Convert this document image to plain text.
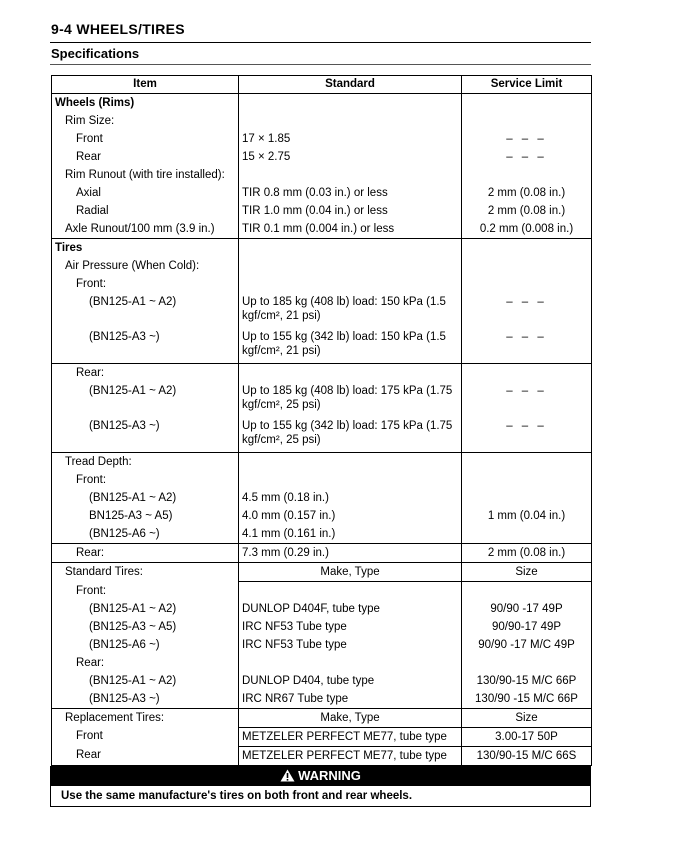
9-4 WHEELS/TIRES
Specifications
Item	Standard	Service Limit
Wheels (Rims)		
Rim Size:		
Front	17 × 1.85	– – –
Rear	15 × 2.75	– – –
Rim Runout (with tire installed):		
Axial	TIR 0.8 mm (0.03 in.) or less	2 mm (0.08 in.)
Radial	TIR 1.0 mm (0.04 in.) or less	2 mm (0.08 in.)
Axle Runout/100 mm (3.9 in.)	TIR 0.1 mm (0.004 in.) or less	0.2 mm (0.008 in.)
Tires		
Air Pressure (When Cold):		
Front:		
(BN125-A1 ~ A2)	Up to 185 kg (408 lb) load: 150 kPa (1.5 kgf/cm², 21 psi)	– – –
(BN125-A3 ~)	Up to 155 kg (342 lb) load: 150 kPa (1.5 kgf/cm², 21 psi)	– – –
Rear:		
(BN125-A1 ~ A2)	Up to 185 kg (408 lb) load: 175 kPa (1.75 kgf/cm², 25 psi)	– – –
(BN125-A3 ~)	Up to 155 kg (342 lb) load: 175 kPa (1.75 kgf/cm², 25 psi)	– – –
Tread Depth:		
Front:		
(BN125-A1 ~ A2)	4.5 mm (0.18 in.)	
BN125-A3 ~ A5)	4.0 mm (0.157 in.)	1 mm (0.04 in.)
(BN125-A6 ~)	4.1 mm (0.161 in.)	
Rear:	7.3 mm (0.29 in.)	2 mm (0.08 in.)
Standard Tires:	Make, Type	Size
Front:		
(BN125-A1 ~ A2)	DUNLOP D404F, tube type	90/90 -17 49P
(BN125-A3 ~ A5)	IRC NF53 Tube type	90/90-17 49P
(BN125-A6 ~)	IRC NF53 Tube type	90/90 -17 M/C 49P
Rear:		
(BN125-A1 ~ A2)	DUNLOP D404, tube type	130/90-15 M/C 66P
(BN125-A3 ~)	IRC NR67 Tube type	130/90 -15 M/C 66P
Replacement Tires:	Make, Type	Size
Front	METZELER PERFECT ME77, tube type	3.00-17 50P
Rear	METZELER PERFECT ME77, tube type	130/90-15 M/C 66S
WARNING
Use the same manufacture's tires on both front and rear wheels.
